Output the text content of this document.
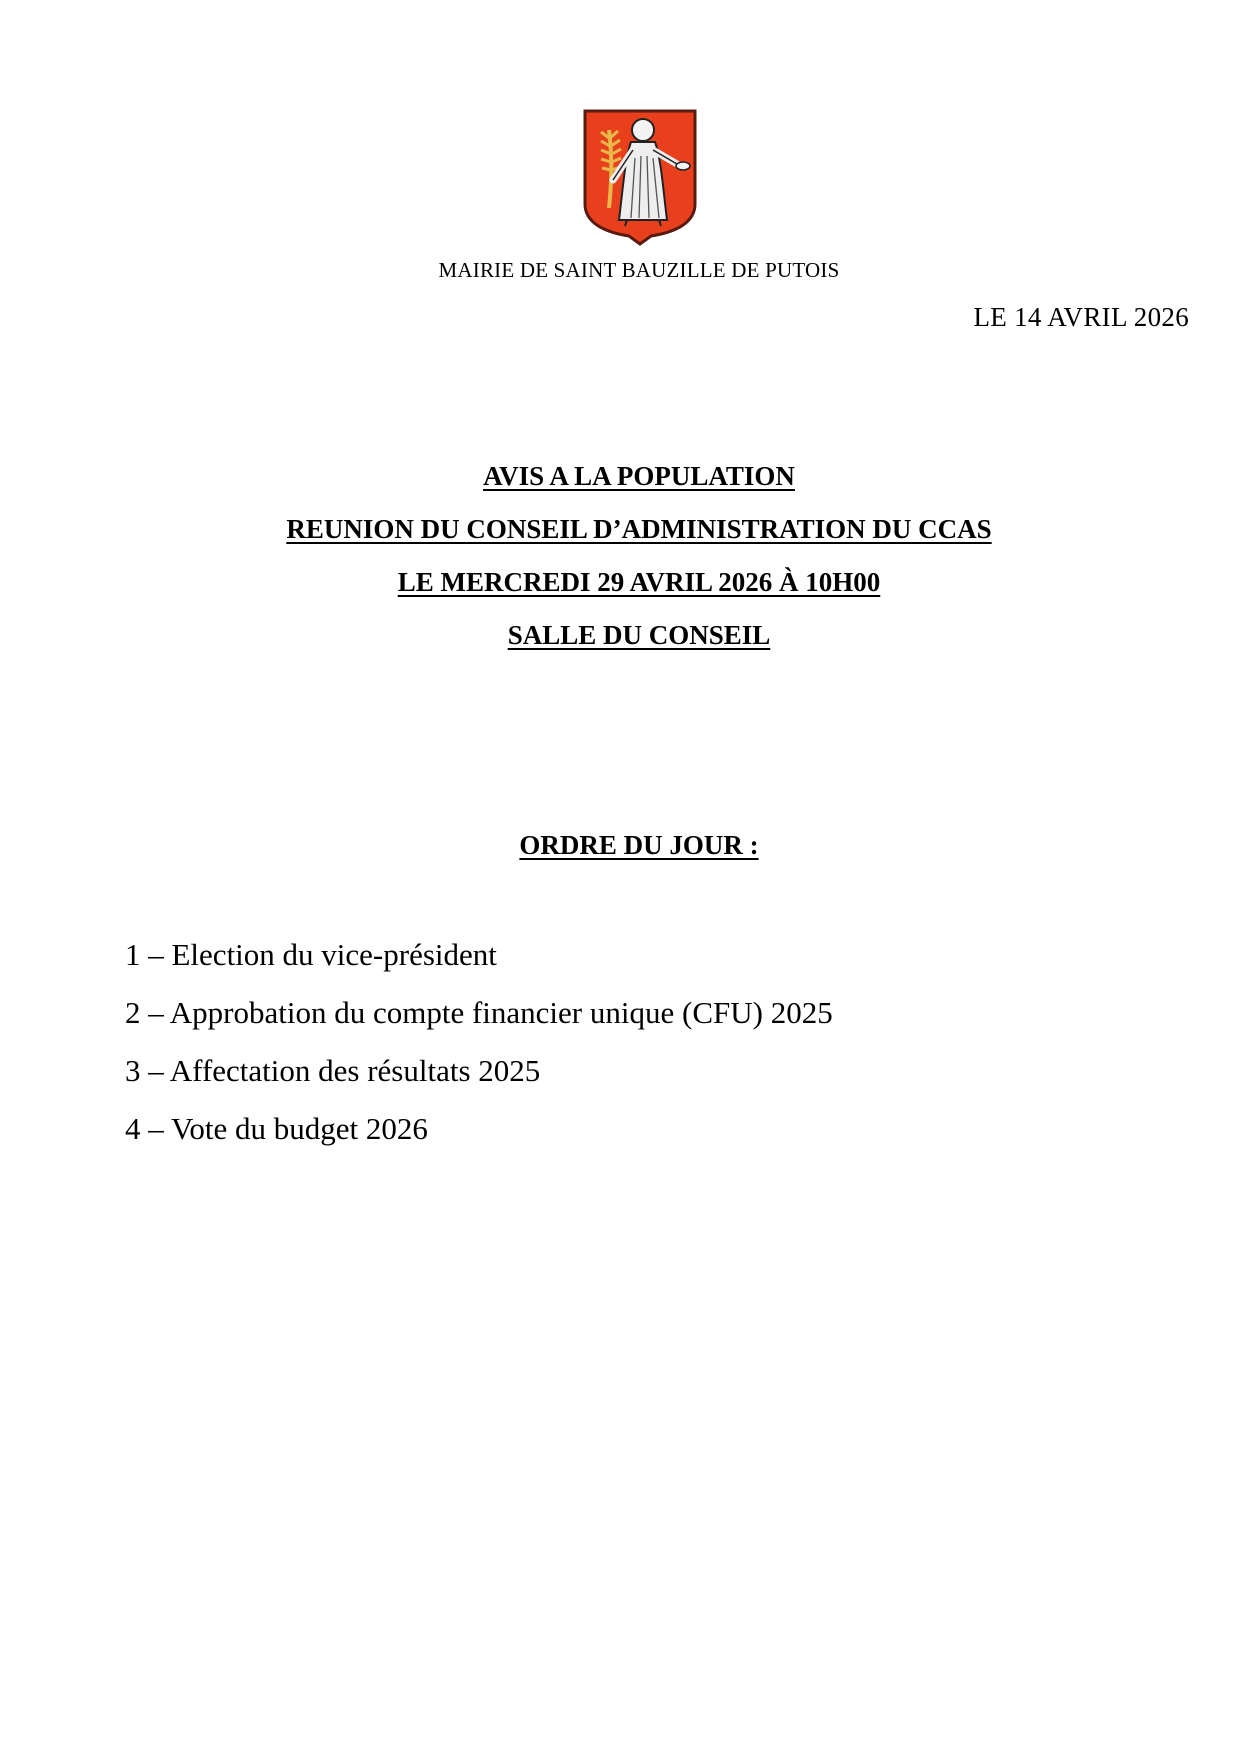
MAIRIE DE SAINT BAUZILLE DE PUTOIS
LE 14 AVRIL 2026
AVIS A LA POPULATION
REUNION DU CONSEIL D’ADMINISTRATION DU CCAS
LE MERCREDI 29 AVRIL 2026 À 10H00
SALLE DU CONSEIL
ORDRE DU JOUR :
1 – Election du vice-président
2 – Approbation du compte financier unique (CFU) 2025
3 – Affectation des résultats 2025
4 – Vote du budget 2026
